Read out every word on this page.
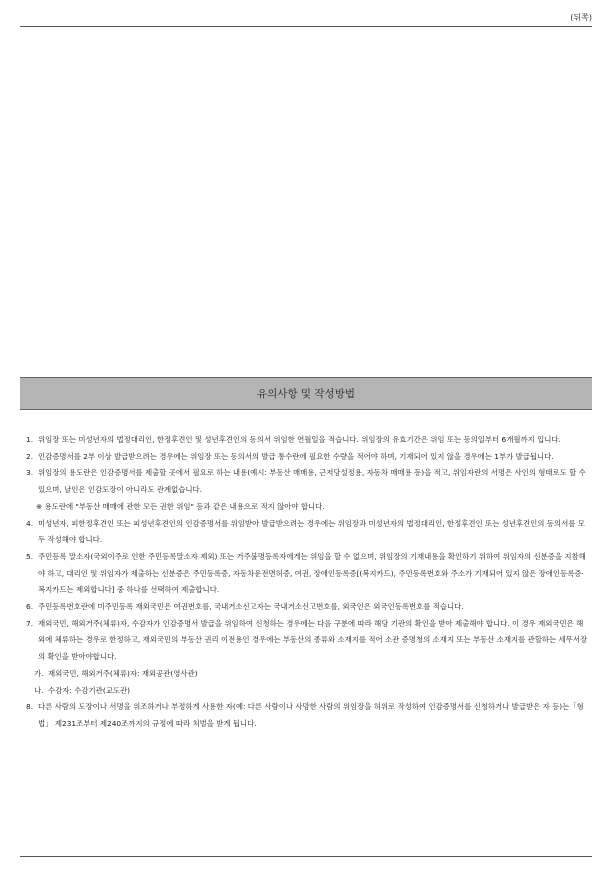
(뒤쪽)
유의사항 및 작성방법
1. 위임장 또는 미성년자의 법정대리인, 한정후견인 및 성년후견인의 동의서 위임한 연월일을 적습니다. 위임장의 유효기간은 위임 또는 동의일부터 6개월까지 입니다.
2. 인감증명서를 2부 이상 발급받으려는 경우에는 위임장 또는 동의서의 발급 통수란에 필요한 수량을 적어야 하며, 기재되어 있지 않을 경우에는 1부가 발급됩니다.
3. 위임장의 용도란은 인감증명서를 제출할 곳에서 필요로 하는 내용(예시: 부동산 매매용, 근저당설정용, 자동차 매매용 등)을 적고, 위임자란의 서명은 사인의 형태로도 할 수 있으며, 날인은 인감도장이 아니라도 관계없습니다.
※ 용도란에 "부동산 매매에 관한 모든 권한 위임" 등과 같은 내용으로 적지 않아야 합니다.
4. 미성년자, 피한정후견인 또는 피성년후견인의 인감증명서를 위임받아 발급받으려는 경우에는 위임장과 미성년자의 법정대리인, 한정후견인 또는 성년후견인의 동의서를 모두 작성해야 합니다.
5. 주민등록 말소자(국외이주로 인한 주민등록말소자 제외) 또는 거주불명등록자에게는 위임을 할 수 없으며, 위임장의 기재내용을 확인하기 위하여 위임자의 신분증을 지참해야 하고, 대리인 및 위임자가 제출하는 신분증은 주민등록증, 자동차운전면허증, 여권, 장애인등록증[(복지카드), 주민등록번호와 주소가 기재되어 있지 않은 장애인등록증·복지카드는 제외합니다] 중 하나를 선택하여 제출합니다.
6. 주민등록번호란에 미주민등록 재외국민은 여권번호를, 국내거소신고자는 국내거소신고번호를, 외국인은 외국인등록번호를 적습니다.
7. 재외국민, 해외거주(체류)자, 수감자가 인감증명서 발급을 위임하여 신청하는 경우에는 다음 구분에 따라 해당 기관의 확인을 받아 제출해야 합니다. 이 경우 재외국민은 해외에 체류하는 경우로 한정하고, 재외국민의 부동산 권리 이전용인 경우에는 부동산의 종류와 소재지를 적어 소관 증명청의 소재지 또는 부동산 소재지를 관할하는 세무서장의 확인을 받아야합니다.
가. 재외국민, 해외거주(체류)자: 재외공관(영사관)
나. 수감자: 수감기관(교도관)
8. 다른 사람의 도장이나 서명을 위조하거나 부정하게 사용한 자(예: 다른 사람이나 사망한 사람의 위임장을 허위로 작성하여 인감증명서를 신청하거나 발급받은 자 등)는「형법」 제231조부터 제240조까지의 규정에 따라 처벌을 받게 됩니다.
